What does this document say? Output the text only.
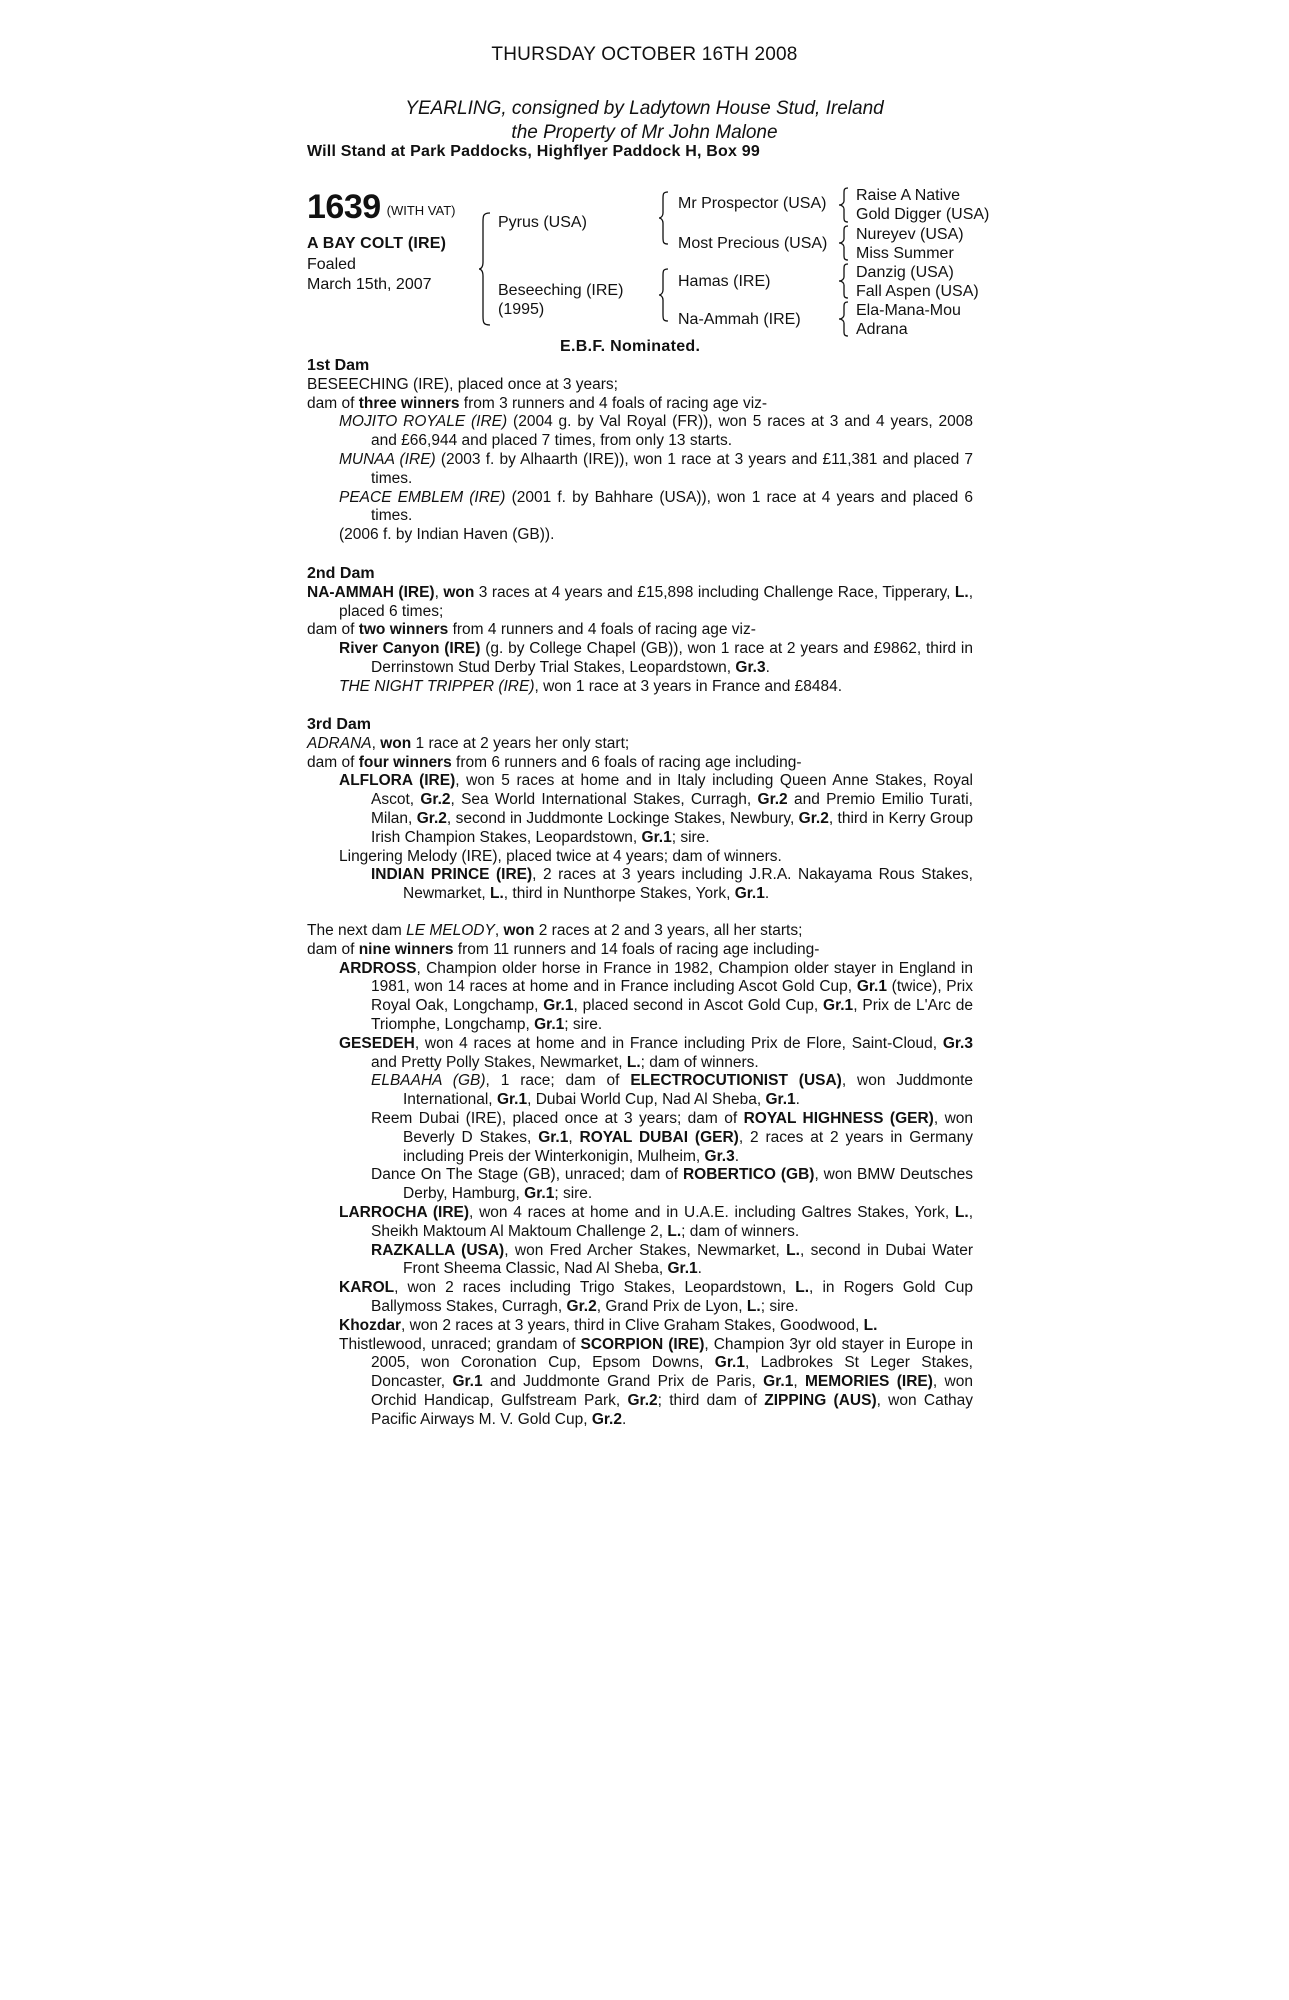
THURSDAY OCTOBER 16TH 2008
YEARLING, consigned by Ladytown House Stud, Ireland
the Property of Mr John Malone
Will Stand at Park Paddocks, Highflyer Paddock H, Box 99
1639 (WITH VAT)
A BAY COLT (IRE)
Foaled
March 15th, 2007
Pyrus (USA)
Beseeching (IRE)
(1995)
Mr Prospector (USA)
Most Precious (USA)
Hamas (IRE)
Na-Ammah (IRE)
Raise A Native
Gold Digger (USA)
Nureyev (USA)
Miss Summer
Danzig (USA)
Fall Aspen (USA)
Ela-Mana-Mou
Adrana
E.B.F. Nominated.

1st Dam

BESEECHING (IRE), placed once at 3 years;

dam of three winners from 3 runners and 4 foals of racing age viz-

MOJITO ROYALE (IRE) (2004 g. by Val Royal (FR)), won 5 races at 3 and 4 years, 2008 and £66,944 and placed 7 times, from only 13 starts.

MUNAA (IRE) (2003 f. by Alhaarth (IRE)), won 1 race at 3 years and £11,381 and placed 7 times.

PEACE EMBLEM (IRE) (2001 f. by Bahhare (USA)), won 1 race at 4 years and placed 6 times.

(2006 f. by Indian Haven (GB)).

2nd Dam

NA-AMMAH (IRE), won 3 races at 4 years and £15,898 including Challenge Race, Tipperary, L., placed 6 times;

dam of two winners from 4 runners and 4 foals of racing age viz-

River Canyon (IRE) (g. by College Chapel (GB)), won 1 race at 2 years and £9862, third in Derrinstown Stud Derby Trial Stakes, Leopardstown, Gr.3.

THE NIGHT TRIPPER (IRE), won 1 race at 3 years in France and £8484.

3rd Dam

ADRANA, won 1 race at 2 years her only start;

dam of four winners from 6 runners and 6 foals of racing age including-

ALFLORA (IRE), won 5 races at home and in Italy including Queen Anne Stakes, Royal Ascot, Gr.2, Sea World International Stakes, Curragh, Gr.2 and Premio Emilio Turati, Milan, Gr.2, second in Juddmonte Lockinge Stakes, Newbury, Gr.2, third in Kerry Group Irish Champion Stakes, Leopardstown, Gr.1; sire.

Lingering Melody (IRE), placed twice at 4 years; dam of winners.

INDIAN PRINCE (IRE), 2 races at 3 years including J.R.A. Nakayama Rous Stakes, Newmarket, L., third in Nunthorpe Stakes, York, Gr.1.

The next dam LE MELODY, won 2 races at 2 and 3 years, all her starts;

dam of nine winners from 11 runners and 14 foals of racing age including-

ARDROSS, Champion older horse in France in 1982, Champion older stayer in England in 1981, won 14 races at home and in France including Ascot Gold Cup, Gr.1 (twice), Prix Royal Oak, Longchamp, Gr.1, placed second in Ascot Gold Cup, Gr.1, Prix de L'Arc de Triomphe, Longchamp, Gr.1; sire.

GESEDEH, won 4 races at home and in France including Prix de Flore, Saint-Cloud, Gr.3 and Pretty Polly Stakes, Newmarket, L.; dam of winners.

ELBAAHA (GB), 1 race; dam of ELECTROCUTIONIST (USA), won Juddmonte International, Gr.1, Dubai World Cup, Nad Al Sheba, Gr.1.

Reem Dubai (IRE), placed once at 3 years; dam of ROYAL HIGHNESS (GER), won Beverly D Stakes, Gr.1, ROYAL DUBAI (GER), 2 races at 2 years in Germany including Preis der Winterkonigin, Mulheim, Gr.3.

Dance On The Stage (GB), unraced; dam of ROBERTICO (GB), won BMW Deutsches Derby, Hamburg, Gr.1; sire.

LARROCHA (IRE), won 4 races at home and in U.A.E. including Galtres Stakes, York, L., Sheikh Maktoum Al Maktoum Challenge 2, L.; dam of winners.

RAZKALLA (USA), won Fred Archer Stakes, Newmarket, L., second in Dubai Water Front Sheema Classic, Nad Al Sheba, Gr.1.

KAROL, won 2 races including Trigo Stakes, Leopardstown, L., in Rogers Gold Cup Ballymoss Stakes, Curragh, Gr.2, Grand Prix de Lyon, L.; sire.

Khozdar, won 2 races at 3 years, third in Clive Graham Stakes, Goodwood, L.

Thistlewood, unraced; grandam of SCORPION (IRE), Champion 3yr old stayer in Europe in 2005, won Coronation Cup, Epsom Downs, Gr.1, Ladbrokes St Leger Stakes, Doncaster, Gr.1 and Juddmonte Grand Prix de Paris, Gr.1, MEMORIES (IRE), won Orchid Handicap, Gulfstream Park, Gr.2; third dam of ZIPPING (AUS), won Cathay Pacific Airways M. V. Gold Cup, Gr.2.
